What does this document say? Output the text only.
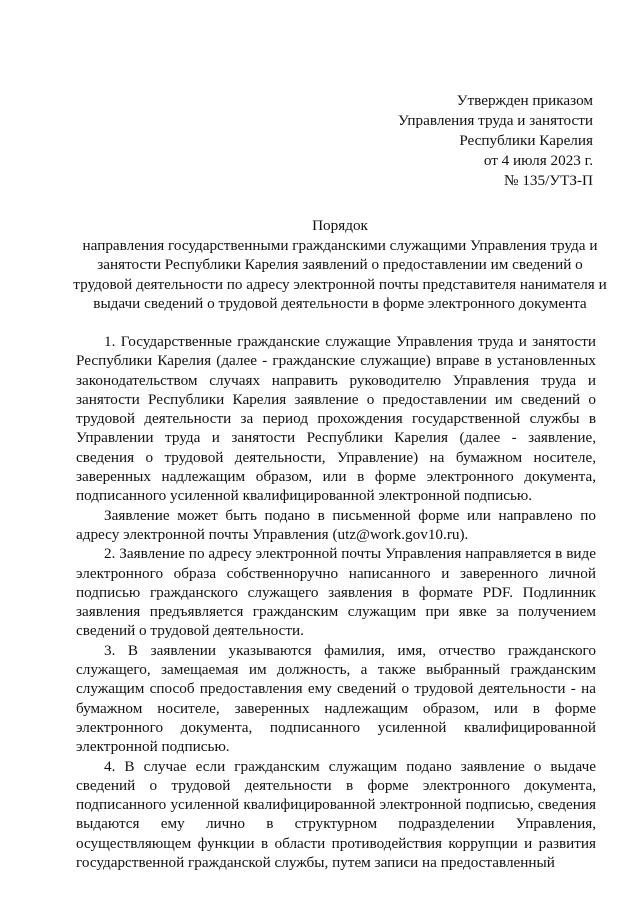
Утвержден приказом
Управления труда и занятости
Республики Карелия
от 4 июля 2023 г.
№ 135/УТЗ-П
Порядок
направления государственными гражданскими служащими Управления труда и занятости Республики Карелия заявлений о предоставлении им сведений о трудовой деятельности по адресу электронной почты представителя нанимателя и выдачи сведений о трудовой деятельности в форме электронного документа

1. Государственные гражданские служащие Управления труда и занятости Республики Карелия (далее - гражданские служащие) вправе в установленных законодательством случаях направить руководителю Управления труда и занятости Республики Карелия заявление о предоставлении им сведений о трудовой деятельности за период прохождения государственной службы в Управлении труда и занятости Республики Карелия (далее - заявление, сведения о трудовой деятельности, Управление) на бумажном носителе, заверенных надлежащим образом, или в форме электронного документа, подписанного усиленной квалифицированной электронной подписью.

Заявление может быть подано в письменной форме или направлено по адресу электронной почты Управления (utz@work.gov10.ru).

2. Заявление по адресу электронной почты Управления направляется в виде электронного образа собственноручно написанного и заверенного личной подписью гражданского служащего заявления в формате PDF. Подлинник заявления предъявляется гражданским служащим при явке за получением сведений о трудовой деятельности.

3. В заявлении указываются фамилия, имя, отчество гражданского служащего, замещаемая им должность, а также выбранный гражданским служащим способ предоставления ему сведений о трудовой деятельности - на бумажном носителе, заверенных надлежащим образом, или в форме электронного документа, подписанного усиленной квалифицированной электронной подписью.

4. В случае если гражданским служащим подано заявление о выдаче сведений о трудовой деятельности в форме электронного документа, подписанного усиленной квалифицированной электронной подписью, сведения выдаются ему лично в структурном подразделении Управления, осуществляющем функции в области противодействия коррупции и развития государственной гражданской службы, путем записи на предоставленный
